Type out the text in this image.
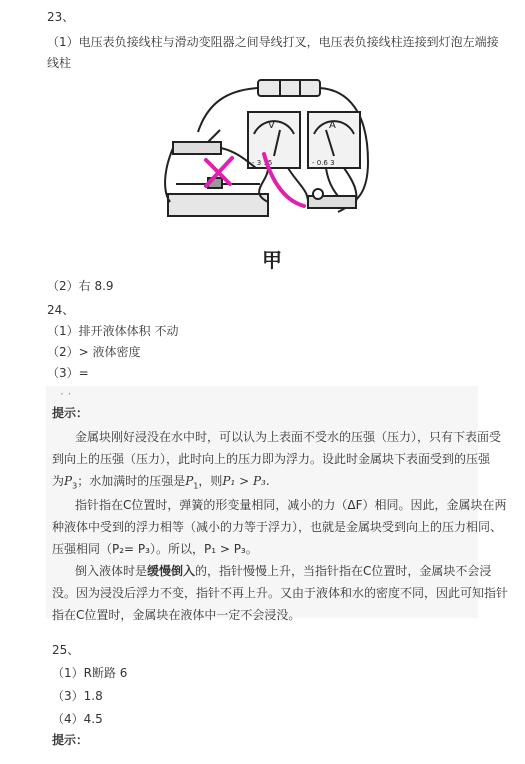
23、
（1）电压表负接线柱与滑动变阻器之间导线打叉，电压表负接线柱连接到灯泡左端接
线柱
V
- 3 15
A
- 0.6 3
甲
（2）右 8.9
24、
（1）排开液体体积 不动
（2）> 液体密度
（3）=
· ·
提示：
金属块刚好浸没在水中时，可以认为上表面不受水的压强（压力），只有下表面受
到向上的压强（压力），此时向上的压力即为浮力。设此时金属块下表面受到的压强
为$P_3$；水加满时的压强是$P_1$，则P₁ > P₃.
指针指在C位置时，弹簧的形变量相同，减小的力（ΔF）相同。因此，金属块在两
种液体中受到的浮力相等（减小的力等于浮力），也就是金属块受到向上的压力相同、
压强相同（P₂= P₃）。所以，P₁ > P₃。
倒入液体时是缓慢倒入的，指针慢慢上升，当指针指在C位置时，金属块不会浸
没。因为浸没后浮力不变，指针不再上升。又由于液体和水的密度不同，因此可知指针
指在C位置时，金属块在液体中一定不会浸没。
25、
（1）R断路 6
（3）1.8
（4）4.5
提示：
